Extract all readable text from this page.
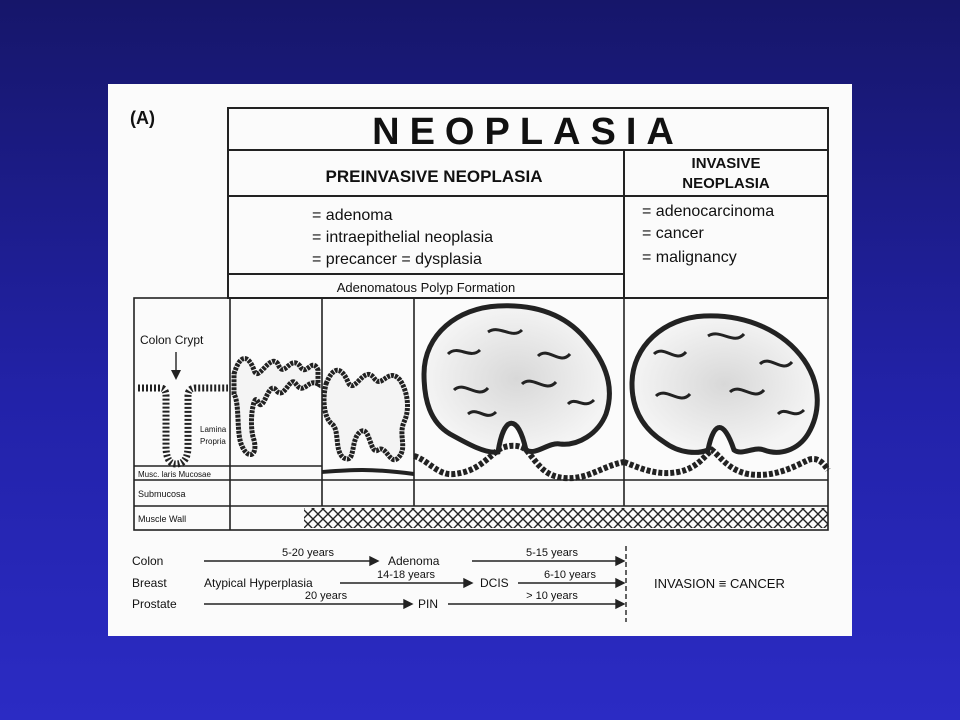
(A)	NEOPLASIA
PREINVASIVE NEOPLASIA
INVASIVE
NEOPLASIA
= adenoma
= intraepithelial neoplasia
= precancer = dysplasia
= adenocarcinoma
= cancer
= malignancy
Adenomatous Polyp Formation
Colon Crypt
Lamina
Propria
Musc. laris Mucosae
Submucosa
Muscle Wall
Colon
5-20 years
Adenoma
5-15 years
Breast	Atypical Hyperplasia
14-18 years
DCIS
6-10 years
Prostate
20 years
PIN
> 10 years
INVASION ≡ CANCER
